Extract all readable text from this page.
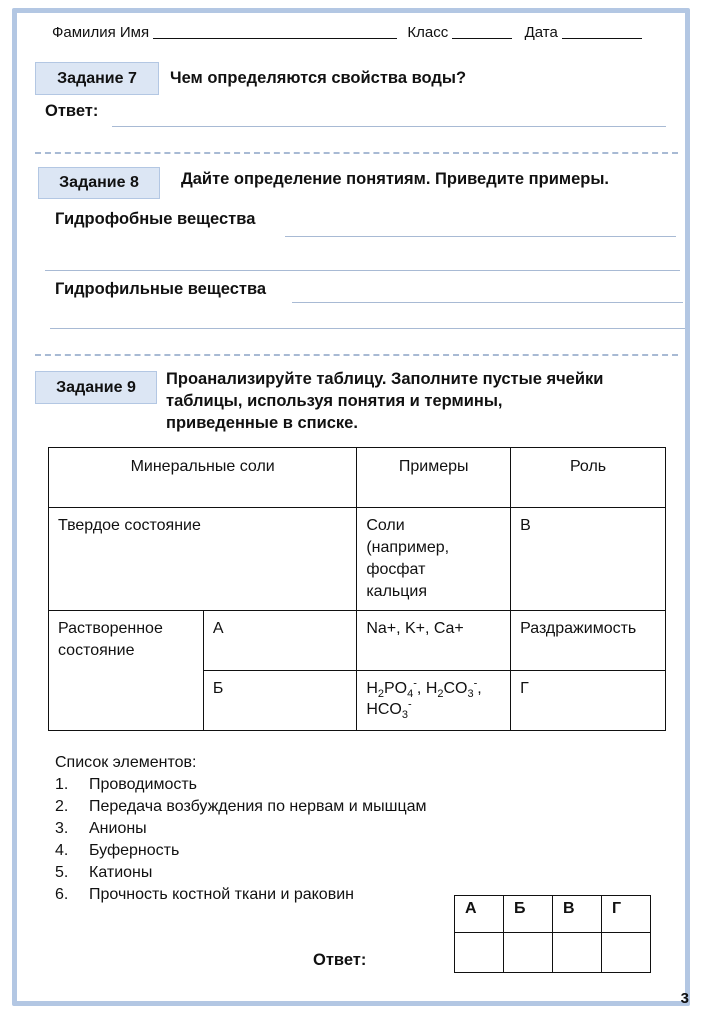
Фамилия Имя	Класс	Дата
Задание 7	Чем определяются свойства воды?
Ответ:
Задание 8	Дайте определение понятиям. Приведите примеры.
Гидрофобные вещества
Гидрофильные вещества
Задание 9	Проанализируйте таблицу. Заполните пустые ячейки
таблицы, используя понятия и термины,
приведенные в списке.
Минеральные соли		Примеры	Роль
Твердое состояние		Соли
(например,
фосфат
кальция	В

Растворенное
состояние	А	Na+, K+, Ca+	Раздражимость
	Б	$H_2PO_4^-$, $H_2CO_3^-$,
$HCO_3^-$	Г
Список элементов:
1.	Проводимость
2.	Передача возбуждения по нервам и мышцам
3.	Анионы
4.	Буферность
5.	Катионы
6.	Прочность костной ткани и раковин
Ответ:
А	Б	В	Г

3
